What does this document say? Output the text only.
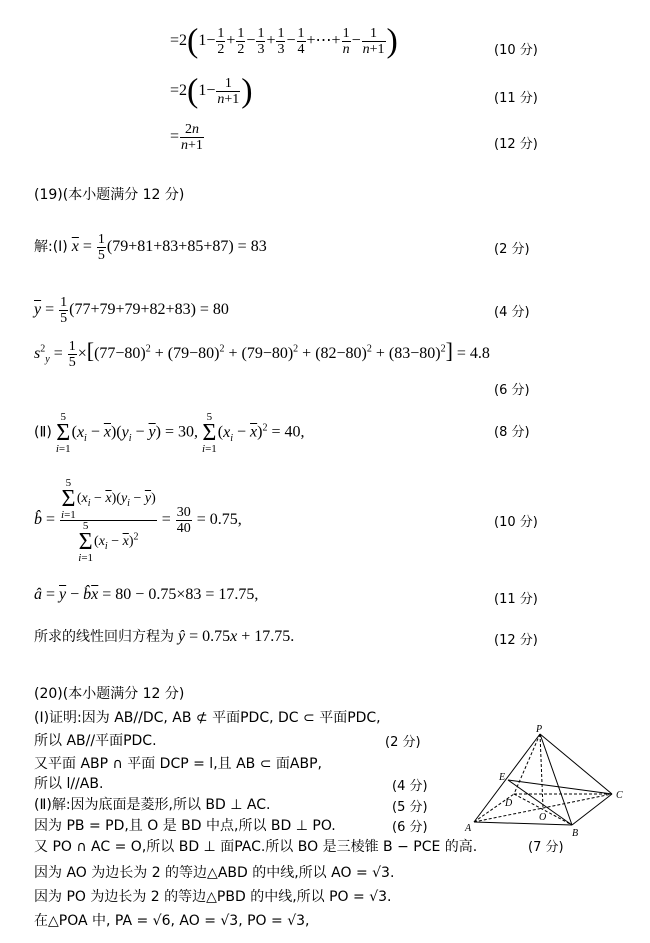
$=2(1- \frac{1}{2} + \frac{1}{2} - \frac{1}{3} + \frac{1}{3} - \frac{1}{4}$ +⋯+ $\frac{1}{n} - \frac{1}{n+1}$ )	(10 分)
$=2(1- \frac{1}{n+1}$ )	(11 分)
= $\frac{2n}{n+1}$	(12 分)
(19)(本小题满分 12 分)
解:(Ⅰ) $\overline{x} = \frac{1}{5} (79+81+83+85+87) = 83$	(2 分)
$\overline{y} = \frac{1}{5} (77+79+79+82+83) = 80$	(4 分)
$s^2_y = \frac{1}{5} \times[(77-80)^2 + (79-80)^2 + (79-80)^2 + (82-80)^2 + (83-80)^2] = 4.8$
(6 分)
(Ⅱ) 5
Σ
$i=1(x_i - \overline{x})(y_i - \overline{y}) = 30$, 5
Σ
$i=1(x_i - \overline{x})^2 = 40$,	(8 分)
b̂ = 5
Σ
$i=1(x_i - \overline{x})(y_i - \overline{y})$
5
Σ
$i=1(x_i - \overline{x})^2 = \frac{30}{40} = 0.75$,	(10 分)
â = $\overline{y}$ − $b̂\overline{x} = 80 - 0.75\times 83 = 17.75$,	(11 分)
所求的线性回归方程为 ŷ = 0.75x + 17.75.	(12 分)
(20)(本小题满分 12 分)
(Ⅰ)证明:因为 AB//DC, AB ⊄ 平面PDC, DC ⊂ 平面PDC,
所以 AB//平面PDC.	(2 分)
又平面 ABP ∩ 平面 DCP = l,且 AB ⊂ 面ABP,
所以 l//AB.	(4 分)
(Ⅱ)解:因为底面是菱形,所以 BD ⊥ AC.	(5 分)
因为 PB = PD,且 O 是 BD 中点,所以 BD ⊥ PO.	(6 分)
又 PO ∩ AC = O,所以 BD ⊥ 面PAC.所以 BO 是三棱锥 B − PCE 的高.	(7 分)
因为 AO 为边长为 2 的等边△ABD 的中线,所以 AO = √3.
因为 PO 为边长为 2 的等边△PBD 的中线,所以 PO = √3.
在△POA 中, PA = √6, AO = √3, PO = √3,
P
E
D
O
C
A	B
